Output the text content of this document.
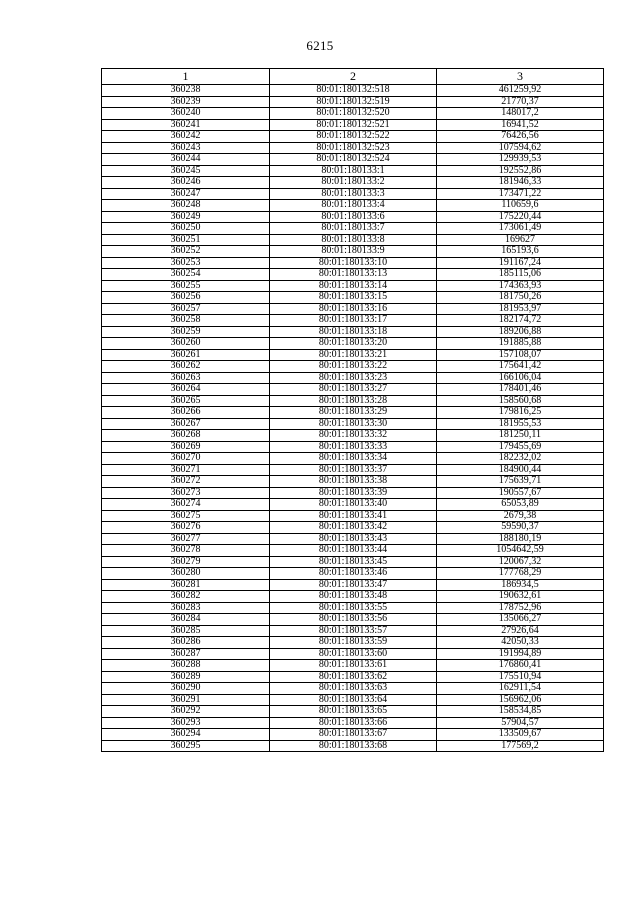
6215
1	2	3
360238	80:01:180132:518	461259,92
360239	80:01:180132:519	21770,37
360240	80:01:180132:520	148017,2
360241	80:01:180132:521	16941,52
360242	80:01:180132:522	76426,56
360243	80:01:180132:523	107594,62
360244	80:01:180132:524	129939,53
360245	80:01:180133:1	192552,86
360246	80:01:180133:2	181946,33
360247	80:01:180133:3	173471,22
360248	80:01:180133:4	110659,6
360249	80:01:180133:6	175220,44
360250	80:01:180133:7	173061,49
360251	80:01:180133:8	169627
360252	80:01:180133:9	165193,6
360253	80:01:180133:10	191167,24
360254	80:01:180133:13	185115,06
360255	80:01:180133:14	174363,93
360256	80:01:180133:15	181750,26
360257	80:01:180133:16	181953,97
360258	80:01:180133:17	182174,72
360259	80:01:180133:18	189206,88
360260	80:01:180133:20	191885,88
360261	80:01:180133:21	157108,07
360262	80:01:180133:22	175641,42
360263	80:01:180133:23	166106,04
360264	80:01:180133:27	178401,46
360265	80:01:180133:28	158560,68
360266	80:01:180133:29	179816,25
360267	80:01:180133:30	181955,53
360268	80:01:180133:32	181250,11
360269	80:01:180133:33	179455,69
360270	80:01:180133:34	182232,02
360271	80:01:180133:37	184900,44
360272	80:01:180133:38	175639,71
360273	80:01:180133:39	190557,67
360274	80:01:180133:40	65053,89
360275	80:01:180133:41	2679,38
360276	80:01:180133:42	59590,37
360277	80:01:180133:43	188180,19
360278	80:01:180133:44	1054642,59
360279	80:01:180133:45	120067,32
360280	80:01:180133:46	177768,29
360281	80:01:180133:47	186934,5
360282	80:01:180133:48	190632,61
360283	80:01:180133:55	178752,96
360284	80:01:180133:56	135066,27
360285	80:01:180133:57	27926,64
360286	80:01:180133:59	42050,33
360287	80:01:180133:60	191994,89
360288	80:01:180133:61	176860,41
360289	80:01:180133:62	175510,94
360290	80:01:180133:63	162911,54
360291	80:01:180133:64	156962,06
360292	80:01:180133:65	158534,85
360293	80:01:180133:66	57904,57
360294	80:01:180133:67	133509,67
360295	80:01:180133:68	177569,2
